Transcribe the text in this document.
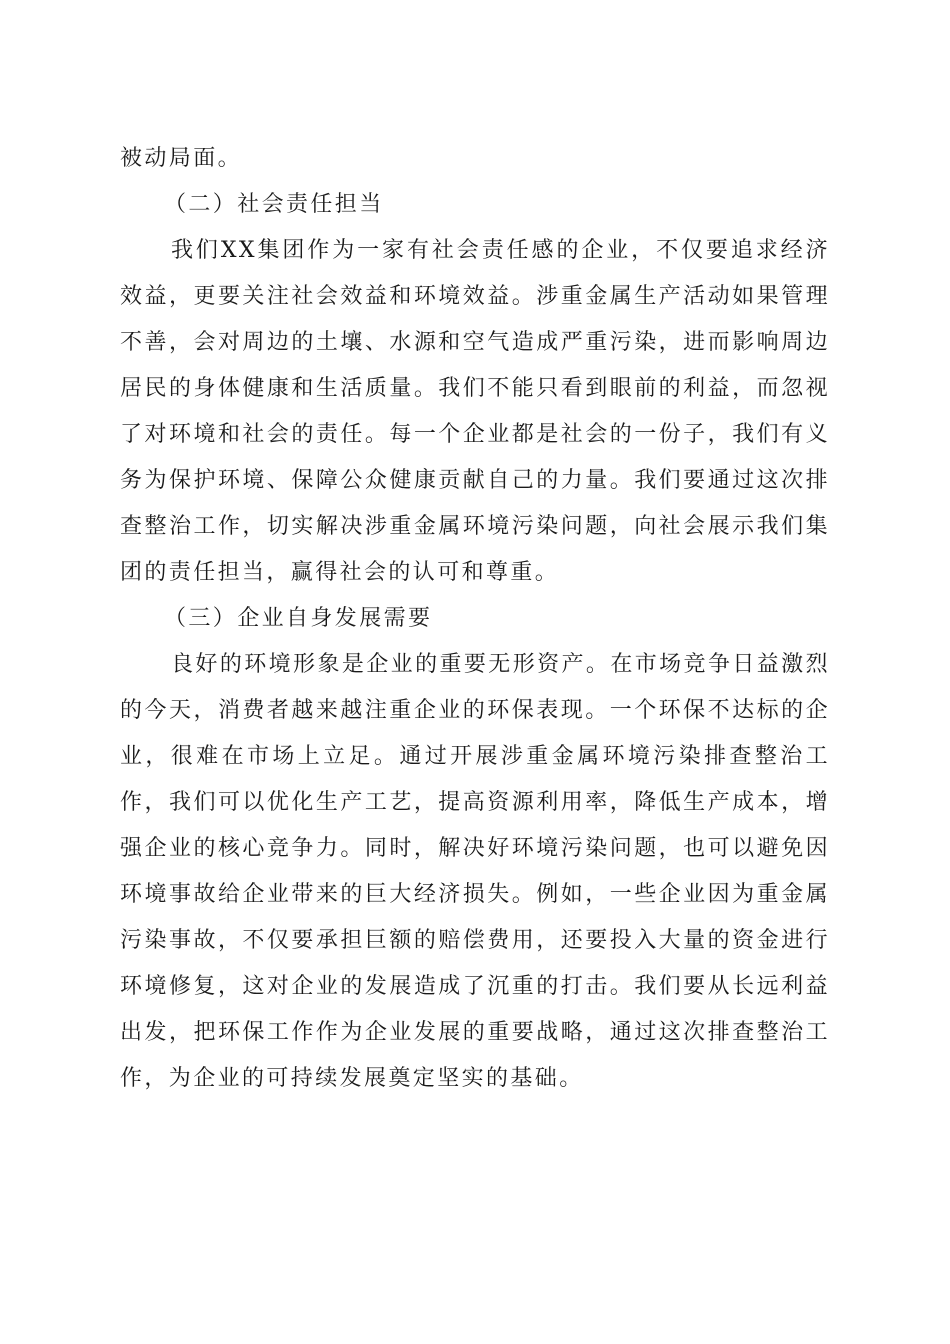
被动局面。

（二）社会责任担当

我们XX集团作为一家有社会责任感的企业，不仅要追求经济效益，更要关注社会效益和环境效益。涉重金属生产活动如果管理不善，会对周边的土壤、水源和空气造成严重污染，进而影响周边居民的身体健康和生活质量。我们不能只看到眼前的利益，而忽视了对环境和社会的责任。每一个企业都是社会的一份子，我们有义务为保护环境、保障公众健康贡献自己的力量。我们要通过这次排查整治工作，切实解决涉重金属环境污染问题，向社会展示我们集团的责任担当，赢得社会的认可和尊重。

（三）企业自身发展需要

良好的环境形象是企业的重要无形资产。在市场竞争日益激烈的今天，消费者越来越注重企业的环保表现。一个环保不达标的企业，很难在市场上立足。通过开展涉重金属环境污染排查整治工作，我们可以优化生产工艺，提高资源利用率，降低生产成本，增强企业的核心竞争力。同时，解决好环境污染问题，也可以避免因环境事故给企业带来的巨大经济损失。例如，一些企业因为重金属污染事故，不仅要承担巨额的赔偿费用，还要投入大量的资金进行环境修复，这对企业的发展造成了沉重的打击。我们要从长远利益出发，把环保工作作为企业发展的重要战略，通过这次排查整治工作，为企业的可持续发展奠定坚实的基础。
